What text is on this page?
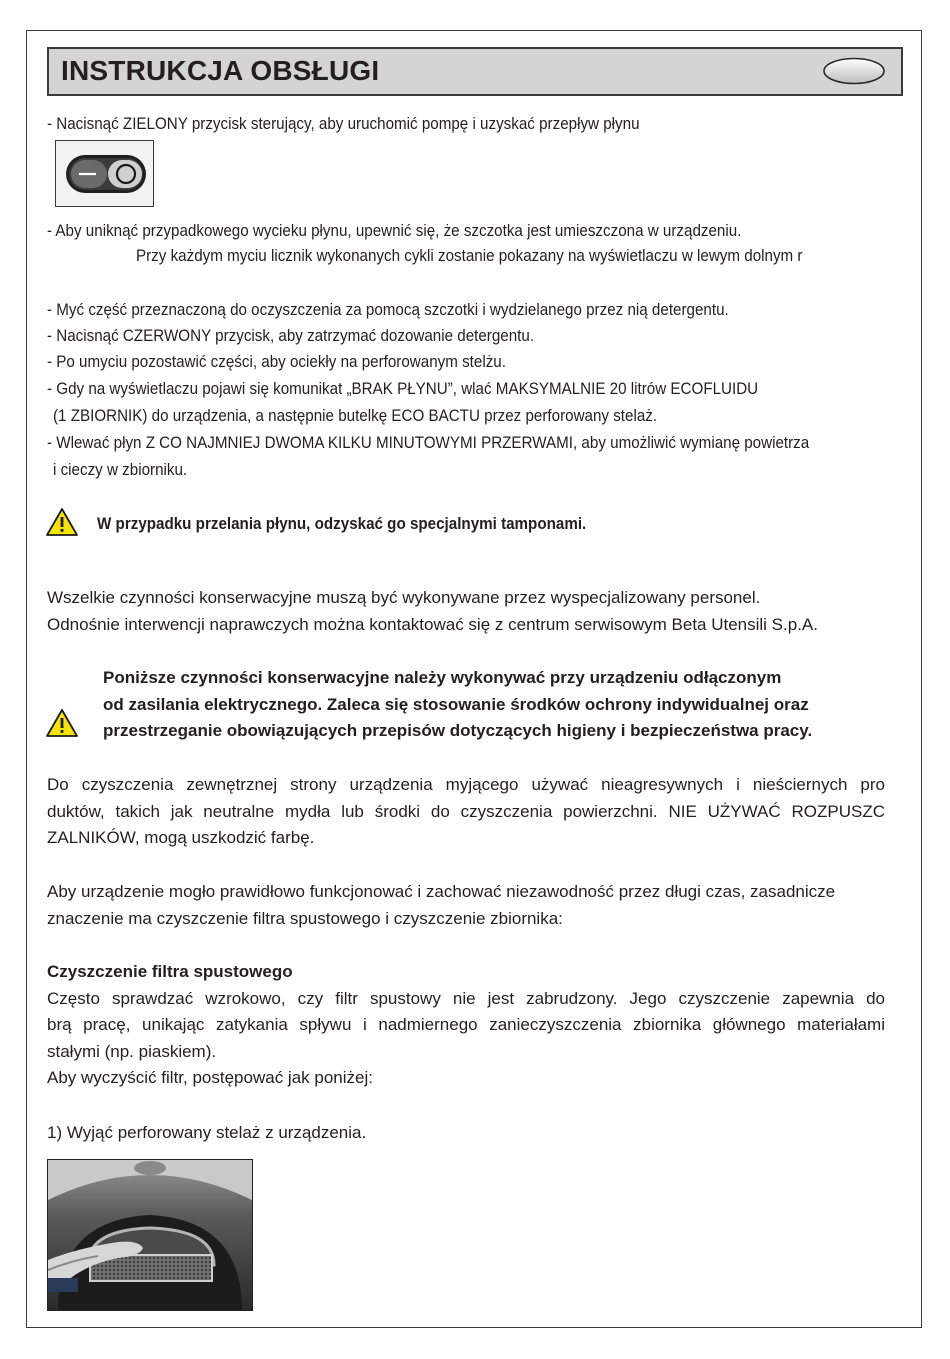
INSTRUKCJA OBSŁUGI
- Nacisnąć ZIELONY przycisk sterujący, aby uruchomić pompę i uzyskać przepływ płynu
- Aby uniknąć przypadkowego wycieku płynu, upewnić się, że szczotka jest umieszczona w urządzeniu.
Przy każdym myciu licznik wykonanych cykli zostanie pokazany na wyświetlaczu w lewym dolnym r
- Myć część przeznaczoną do oczyszczenia za pomocą szczotki i wydzielanego przez nią detergentu.
- Nacisnąć CZERWONY przycisk, aby zatrzymać dozowanie detergentu.
- Po umyciu pozostawić części, aby ociekły na perforowanym stelżu.
- Gdy na wyświetlaczu pojawi się komunikat „BRAK PŁYNU”, wlać MAKSYMALNIE 20 litrów ECOFLUIDU
(1 ZBIORNIK) do urządzenia, a następnie butelkę ECO BACTU przez perforowany stelaż.
- Wlewać płyn Z CO NAJMNIEJ DWOMA KILKU MINUTOWYMI PRZERWAMI, aby umożliwić wymianę powietrza
i cieczy w zbiorniku.
W przypadku przelania płynu, odzyskać go specjalnymi tamponami.
Wszelkie czynności konserwacyjne muszą być wykonywane przez wyspecjalizowany personel.
Odnośnie interwencji naprawczych można kontaktować się z centrum serwisowym Beta Utensili S.p.A.
Poniższe czynności konserwacyjne należy wykonywać przy urządzeniu odłączonym
od zasilania elektrycznego. Zaleca się stosowanie środków ochrony indywidualnej oraz
przestrzeganie obowiązujących przepisów dotyczących higieny i bezpieczeństwa pracy.
Do czyszczenia zewnętrznej strony urządzenia myjącego używać nieagresywnych i nieściernych pro
duktów, takich jak neutralne mydła lub środki do czyszczenia powierzchni. NIE UŻYWAĆ ROZPUSZC
ZALNIKÓW, mogą uszkodzić farbę.
Aby urządzenie mogło prawidłowo funkcjonować i zachować niezawodność przez długi czas, zasadnicze
znaczenie ma czyszczenie filtra spustowego i czyszczenie zbiornika:
Czyszczenie filtra spustowego
Często sprawdzać wzrokowo, czy filtr spustowy nie jest zabrudzony. Jego czyszczenie zapewnia do
brą pracę, unikając zatykania spływu i nadmiernego zanieczyszczenia zbiornika głównego materiałami
stałymi (np. piaskiem).
Aby wyczyścić filtr, postępować jak poniżej:
1) Wyjąć perforowany stelaż z urządzenia.
